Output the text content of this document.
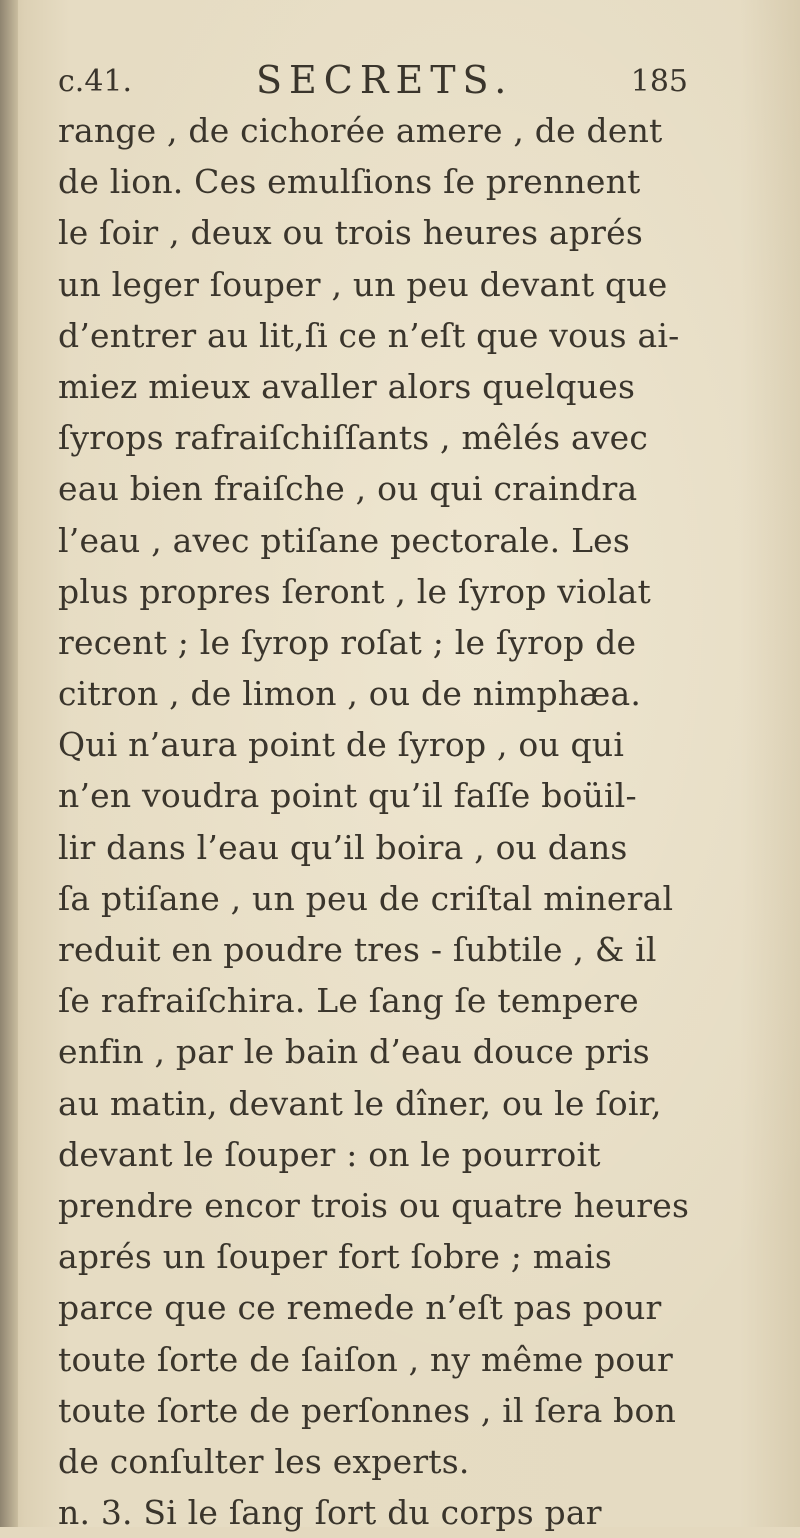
c.41.	SECRETS.	185
range , de cichorée amere , de dent
de lion. Ces emulſions ſe prennent
le ſoir , deux ou trois heures aprés
un leger ſouper , un peu devant que
d’entrer au lit,ſi ce n’eſt que vous ai-
miez mieux avaller alors quelques
ſyrops rafraiſchiſſants , mêlés avec
eau bien fraiſche , ou qui craindra
l’eau , avec ptiſane pectorale. Les
plus propres ſeront , le ſyrop violat
recent ; le ſyrop roſat ; le ſyrop de
citron , de limon , ou de nimphæa.
Qui n’aura point de ſyrop , ou qui
n’en voudra point qu’il faſſe boüil-
lir dans l’eau qu’il boira , ou dans
ſa ptiſane , un peu de criſtal mineral
reduit en poudre tres - ſubtile , & il
ſe rafraiſchira. Le ſang ſe tempere
enfin , par le bain d’eau douce pris
au matin, devant le dîner, ou le ſoir,
devant le ſouper : on le pourroit
prendre encor trois ou quatre heures
aprés un ſouper fort ſobre ; mais
parce que ce remede n’eſt pas pour
toute ſorte de ſaiſon , ny même pour
toute ſorte de perſonnes , il ſera bon
de conſulter les experts.
n. 3. Si le ſang ſort du corps par
